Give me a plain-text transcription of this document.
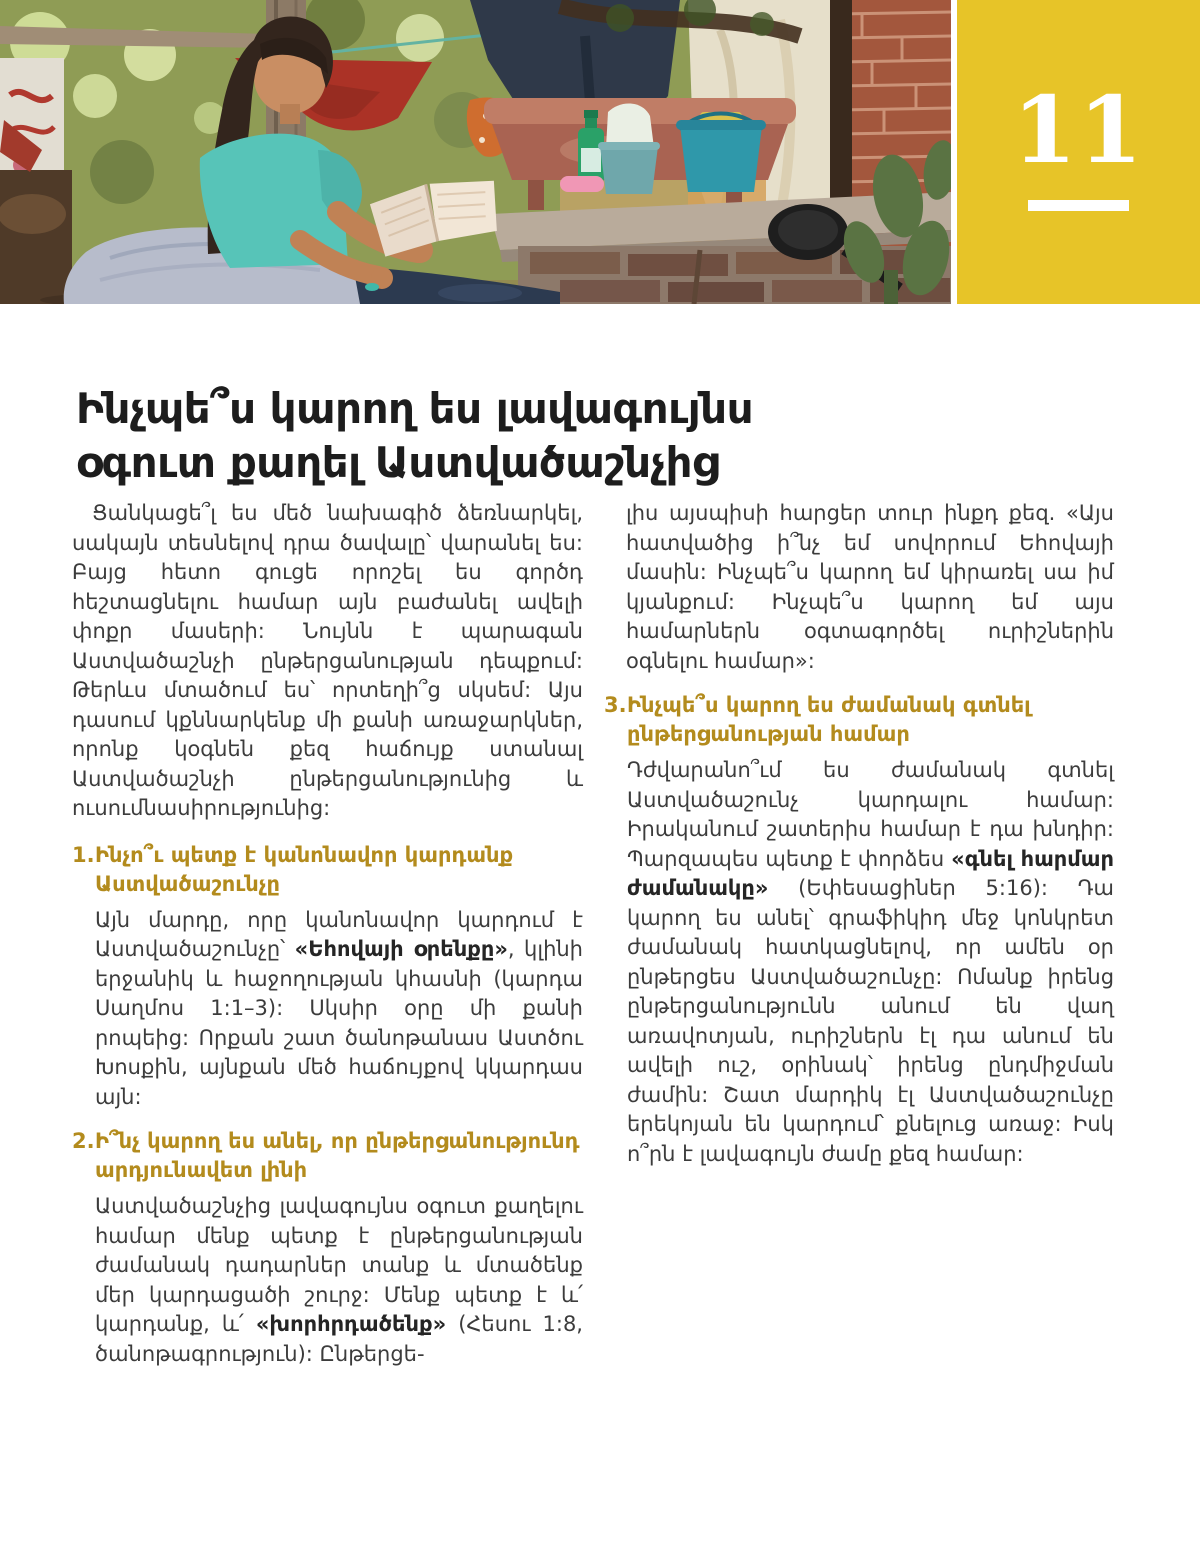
11
Ինչպե՞ս կարող ես լավագույնս
օգուտ քաղել Աստվածաշնչից

Ցանկացե՞լ ես մեծ նախագիծ ձեռնարկել, սակայն տեսնելով դրա ծավալը՝ վարանել ես: Բայց հետո գուցե որոշել ես գործդ հեշտացնելու համար այն բաժանել ավելի փոքր մասերի: Նույնն է պարագան Աստվածաշնչի ընթերցանության դեպքում: Թերևս մտածում ես՝ որտեղի՞ց սկսեմ: Այս դասում կքննարկենք մի քանի առաջարկներ, որոնք կօգնեն քեզ հաճույք ստանալ Աստվածաշնչի ընթերցանությունից և ուսումնասիրությունից:

1. Ինչո՞ւ պետք է կանոնավոր կարդանք Աստվածաշունչը

Այն մարդը, որը կանոնավոր կարդում է Աստվածաշունչը՝ «Եհովայի օրենքը», կլինի երջանիկ և հաջողության կհասնի (կարդա Սաղմոս 1:1–3): Սկսիր օրը մի քանի րոպեից: Որքան շատ ծանոթանաս Աստծու Խոսքին, այնքան մեծ հաճույքով կկարդաս այն:

2. Ի՞նչ կարող ես անել, որ ընթերցանությունդ արդյունավետ լինի

Աստվածաշնչից լավագույնս օգուտ քաղելու համար մենք պետք է ընթերցանության ժամանակ դադարներ տանք և մտածենք մեր կարդացածի շուրջ: Մենք պետք է և՛ կարդանք, և՛ «խորհրդածենք» (Հեսու 1:8, ծանոթագրություն): Ընթերցե-

լիս այսպիսի հարցեր տուր ինքդ քեզ. «Այս հատվածից ի՞նչ եմ սովորում Եհովայի մասին: Ինչպե՞ս կարող եմ կիրառել սա իմ կյանքում: Ինչպե՞ս կարող եմ այս համարներն օգտագործել ուրիշներին օգնելու համար»:

3. Ինչպե՞ս կարող ես ժամանակ գտնել ընթերցանության համար

Դժվարանո՞ւմ ես ժամանակ գտնել Աստվածաշունչ կարդալու համար: Իրականում շատերիս համար է դա խնդիր: Պարզապես պետք է փորձես «գնել հարմար ժամանակը» (Եփեսացիներ 5:16): Դա կարող ես անել՝ գրաֆիկիդ մեջ կոնկրետ ժամանակ հատկացնելով, որ ամեն օր ընթերցես Աստվածաշունչը: Ոմանք իրենց ընթերցանությունն անում են վաղ առավոտյան, ուրիշներն էլ դա անում են ավելի ուշ, օրինակ՝ իրենց ընդմիջման ժամին: Շատ մարդիկ էլ Աստվածաշունչը երեկոյան են կարդում՝ քնելուց առաջ: Իսկ ո՞րն է լավագույն ժամը քեզ համար:
